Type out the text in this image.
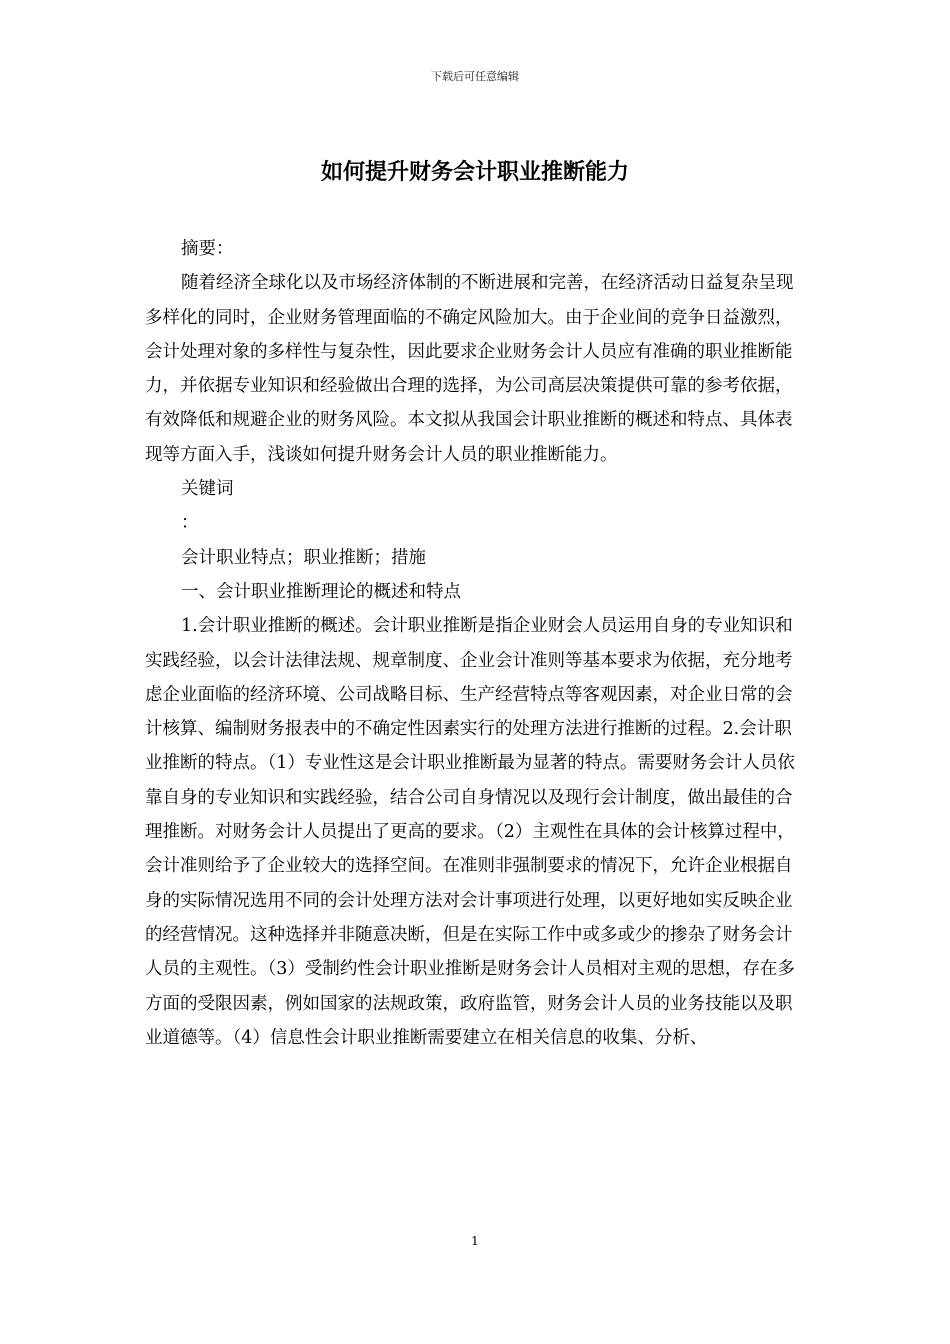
下载后可任意编辑
如何提升财务会计职业推断能力

摘要：

随着经济全球化以及市场经济体制的不断进展和完善，在经济活动日益复杂呈现多样化的同时，企业财务管理面临的不确定风险加大。由于企业间的竞争日益激烈，会计处理对象的多样性与复杂性，因此要求企业财务会计人员应有准确的职业推断能力，并依据专业知识和经验做出合理的选择，为公司高层决策提供可靠的参考依据，有效降低和规避企业的财务风险。本文拟从我国会计职业推断的概述和特点、具体表现等方面入手，浅谈如何提升财务会计人员的职业推断能力。

关键词

：

会计职业特点；职业推断；措施

一、会计职业推断理论的概述和特点

1.会计职业推断的概述。会计职业推断是指企业财会人员运用自身的专业知识和实践经验，以会计法律法规、规章制度、企业会计准则等基本要求为依据，充分地考虑企业面临的经济环境、公司战略目标、生产经营特点等客观因素，对企业日常的会计核算、编制财务报表中的不确定性因素实行的处理方法进行推断的过程。2.会计职业推断的特点。（1）专业性这是会计职业推断最为显著的特点。需要财务会计人员依靠自身的专业知识和实践经验，结合公司自身情况以及现行会计制度，做出最佳的合理推断。对财务会计人员提出了更高的要求。（2）主观性在具体的会计核算过程中，会计准则给予了企业较大的选择空间。在准则非强制要求的情况下，允许企业根据自身的实际情况选用不同的会计处理方法对会计事项进行处理，以更好地如实反映企业的经营情况。这种选择并非随意决断，但是在实际工作中或多或少的掺杂了财务会计人员的主观性。（3）受制约性会计职业推断是财务会计人员相对主观的思想，存在多方面的受限因素，例如国家的法规政策，政府监管，财务会计人员的业务技能以及职业道德等。（4）信息性会计职业推断需要建立在相关信息的收集、分析、

1
